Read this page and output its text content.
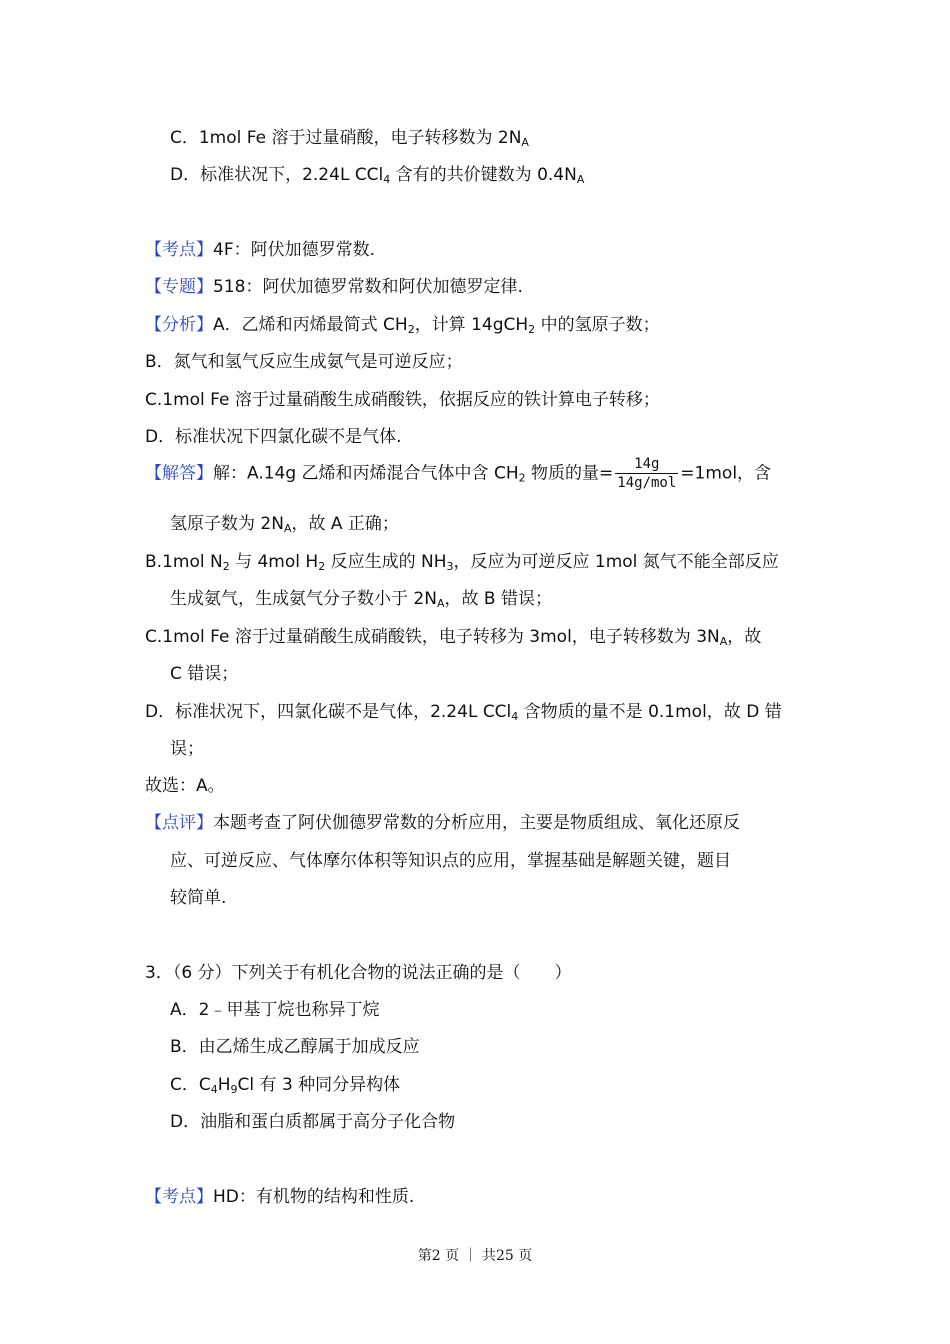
C．1mol Fe 溶于过量硝酸，电子转移数为 $2N_A$
D．标准状况下，2.24L CCl$_4$ 含有的共价键数为 $0.4N_A$
【考点】4F：阿伏加德罗常数.
【专题】518：阿伏加德罗常数和阿伏加德罗定律.
【分析】A．乙烯和丙烯最简式 $CH_2$，计算 14gCH$_2$ 中的氢原子数；
B．氮气和氢气反应生成氨气是可逆反应；
C.1mol Fe 溶于过量硝酸生成硝酸铁，依据反应的铁计算电子转移；
D．标准状况下四氯化碳不是气体.
【解答】解：A.14g 乙烯和丙烯混合气体中含 $CH_2$ 物质的量= $\frac{14g}{\text{14g/mol}} =1mol$，含
氢原子数为 $2N_A$，故 A 正确；
B.1mol $N_2$ 与 4mol $H_2$ 反应生成的 $NH_3$，反应为可逆反应 1mol 氮气不能全部反应
生成氨气，生成氨气分子数小于 $2N_A$，故 B 错误；
C.1mol Fe 溶于过量硝酸生成硝酸铁，电子转移为 3mol，电子转移数为 $3N_A$，故
C 错误；
D．标准状况下，四氯化碳不是气体，2.24L CCl$_4$ 含物质的量不是 0.1mol，故 D 错
误；
故选：A。
【点评】本题考查了阿伏伽德罗常数的分析应用，主要是物质组成、氧化还原反
应、可逆反应、气体摩尔体积等知识点的应用，掌握基础是解题关键，题目
较简单.
3．（6 分）下列关于有机化合物的说法正确的是（　　）
A．2﹣甲基丁烷也称异丁烷
B．由乙烯生成乙醇属于加成反应
C．$C_4H_9Cl$ 有 3 种同分异构体
D．油脂和蛋白质都属于高分子化合物
【考点】HD：有机物的结构和性质.
第2 页 ｜ 共25 页
